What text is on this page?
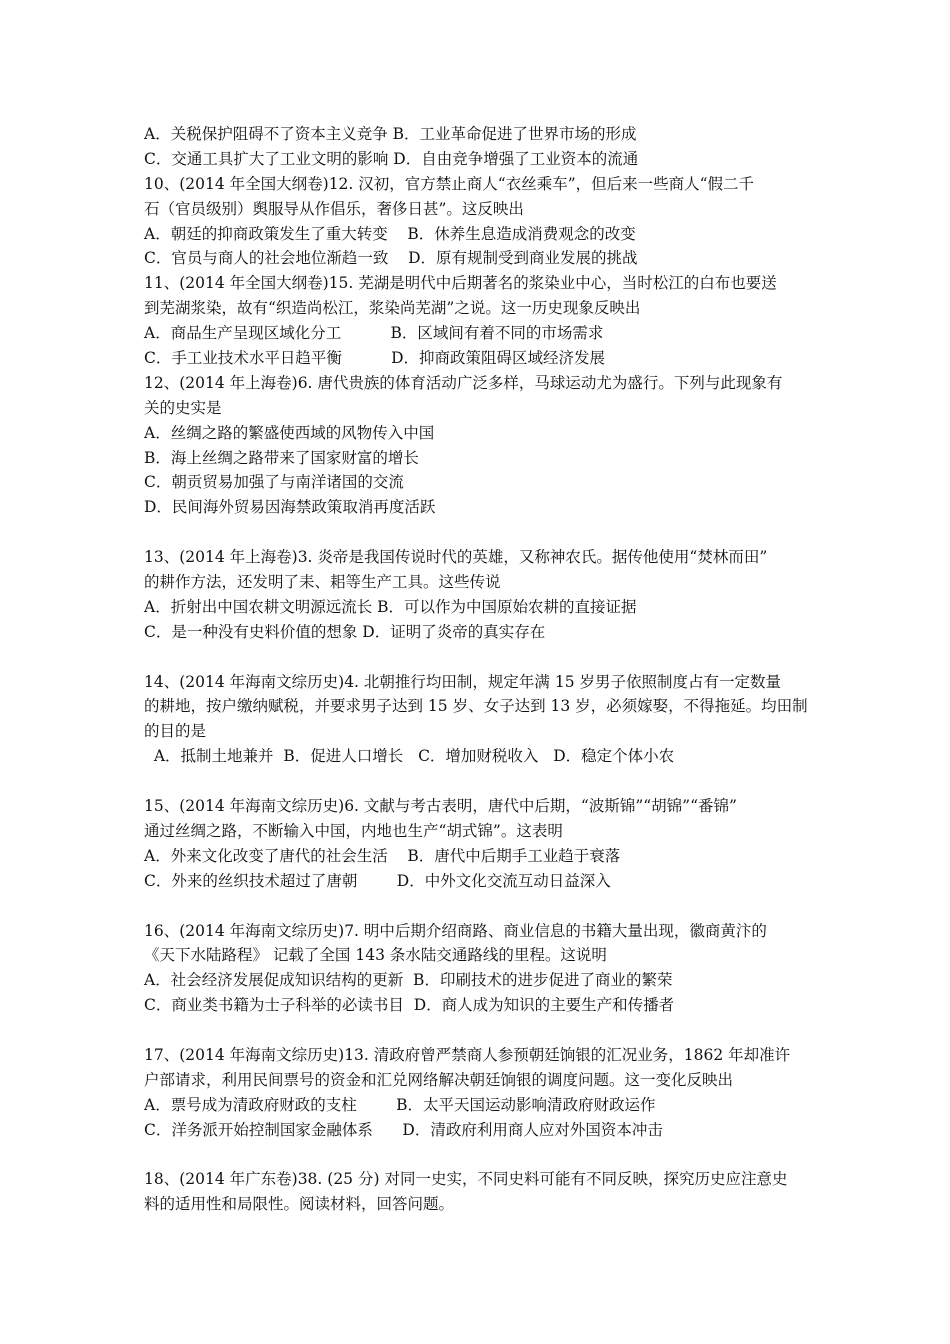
A．关税保护阻碍不了资本主义竞争 B．工业革命促进了世界市场的形成
C．交通工具扩大了工业文明的影响 D．自由竞争增强了工业资本的流通
10、(2014 年全国大纲卷)12. 汉初，官方禁止商人“衣丝乘车”，但后来一些商人“假二千
石（官员级别）舆服导从作倡乐，奢侈日甚”。这反映出
A．朝廷的抑商政策发生了重大转变    B．休养生息造成消费观念的改变
C．官员与商人的社会地位渐趋一致    D．原有规制受到商业发展的挑战
11、(2014 年全国大纲卷)15. 芜湖是明代中后期著名的浆染业中心，当时松江的白布也要送
到芜湖浆染，故有“织造尚松江，浆染尚芜湖”之说。这一历史现象反映出
A．商品生产呈现区域化分工          B．区域间有着不同的市场需求
C．手工业技术水平日趋平衡          D．抑商政策阻碍区域经济发展
12、(2014 年上海卷)6. 唐代贵族的体育活动广泛多样，马球运动尤为盛行。下列与此现象有
关的史实是
A．丝绸之路的繁盛使西域的风物传入中国
B．海上丝绸之路带来了国家财富的增长
C．朝贡贸易加强了与南洋诸国的交流
D．民间海外贸易因海禁政策取消再度活跃
13、(2014 年上海卷)3. 炎帝是我国传说时代的英雄，又称神农氏。据传他使用“焚林而田”
的耕作方法，还发明了耒、耜等生产工具。这些传说
A．折射出中国农耕文明源远流长 B．可以作为中国原始农耕的直接证据
C．是一种没有史料价值的想象 D．证明了炎帝的真实存在
14、(2014 年海南文综历史)4. 北朝推行均田制，规定年满 15 岁男子依照制度占有一定数量
的耕地，按户缴纳赋税，并要求男子达到 15 岁、女子达到 13 岁，必须嫁娶，不得拖延。均田制
的目的是
A．抵制土地兼并  B．促进人口增长   C．增加财税收入   D．稳定个体小农
15、(2014 年海南文综历史)6. 文献与考古表明，唐代中后期，“波斯锦”“胡锦”“番锦”
通过丝绸之路，不断输入中国，内地也生产“胡式锦”。这表明
A．外来文化改变了唐代的社会生活    B．唐代中后期手工业趋于衰落
C．外来的丝织技术超过了唐朝        D．中外文化交流互动日益深入
16、(2014 年海南文综历史)7. 明中后期介绍商路、商业信息的书籍大量出现，徽商黄汴的
《天下水陆路程》 记载了全国 143 条水陆交通路线的里程。这说明
A．社会经济发展促成知识结构的更新  B．印刷技术的进步促进了商业的繁荣
C．商业类书籍为士子科举的必读书目  D．商人成为知识的主要生产和传播者
17、(2014 年海南文综历史)13. 清政府曾严禁商人参预朝廷饷银的汇况业务，1862 年却准许
户部请求，利用民间票号的资金和汇兑网络解决朝廷饷银的调度问题。这一变化反映出
A．票号成为清政府财政的支柱        B．太平天国运动影响清政府财政运作
C．洋务派开始控制国家金融体系      D．清政府利用商人应对外国资本冲击
18、(2014 年广东卷)38. (25 分) 对同一史实，不同史料可能有不同反映，探究历史应注意史
料的适用性和局限性。阅读材料，回答问题。
